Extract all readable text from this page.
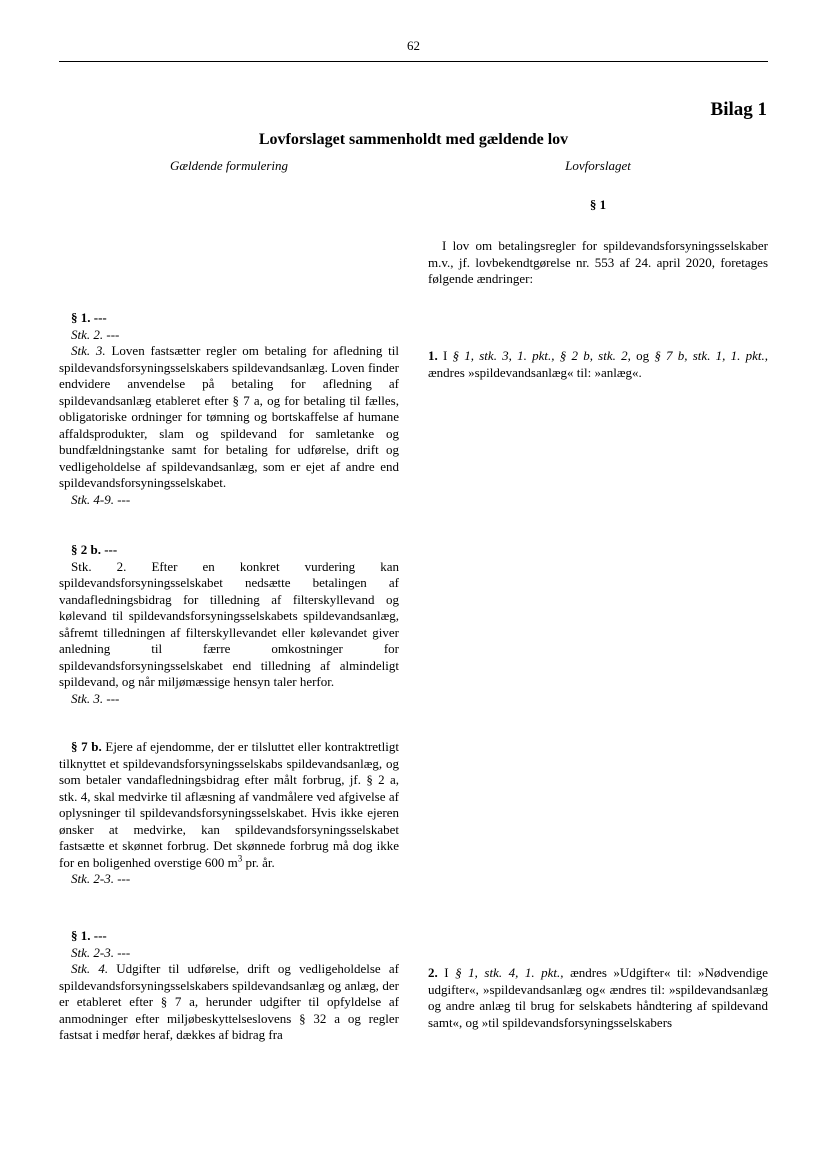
62
Bilag 1
Lovforslaget sammenholdt med gældende lov
Gældende formulering	Lovforslaget
§ 1
I lov om betalingsregler for spildevandsforsyningsselskaber m.v., jf. lovbekendtgørelse nr. 553 af 24. april 2020, foretages følgende ændringer:

§ 1. ---

Stk. 2. ---

Stk. 3. Loven fastsætter regler om betaling for afledning til spildevandsforsyningsselskabers spildevandsanlæg. Loven finder endvidere anvendelse på betaling for afledning af spildevandsanlæg etableret efter § 7 a, og for betaling til fælles, obligatoriske ordninger for tømning og bortskaffelse af humane affaldsprodukter, slam og spildevand for samletanke og bundfældningstanke samt for betaling for udførelse, drift og vedligeholdelse af spildevandsanlæg, som er ejet af andre end spildevandsforsyningsselskabet.

Stk. 4-9. ---

§ 2 b. ---

Stk. 2. Efter en konkret vurdering kan spildevandsforsyningsselskabet nedsætte betalingen af vandafledningsbidrag for tilledning af filterskyllevand og kølevand til spildevandsforsyningsselskabets spildevandsanlæg, såfremt tilledningen af filterskyllevandet eller kølevandet giver anledning til færre omkostninger for spildevandsforsyningsselskabet end tilledning af almindeligt spildevand, og når miljømæssige hensyn taler herfor.

Stk. 3. ---

§ 7 b. Ejere af ejendomme, der er tilsluttet eller kontraktretligt tilknyttet et spildevandsforsyningsselskabs spildevandsanlæg, og som betaler vandafledningsbidrag efter målt forbrug, jf. § 2 a, stk. 4, skal medvirke til aflæsning af vandmålere ved afgivelse af oplysninger til spildevandsforsyningsselskabet. Hvis ikke ejeren ønsker at medvirke, kan spildevandsforsyningsselskabet fastsætte et skønnet forbrug. Det skønnede forbrug må dog ikke for en boligenhed overstige 600 $m^3$ pr. år.

Stk. 2-3. ---

§ 1. ---

Stk. 2-3. ---

Stk. 4. Udgifter til udførelse, drift og vedligeholdelse af spildevandsforsyningsselskabers spildevandsanlæg og anlæg, der er etableret efter § 7 a, herunder udgifter til opfyldelse af anmodninger efter miljøbeskyttelseslovens § 32 a og regler fastsat i medfør heraf, dækkes af bidrag fra

1. I § 1, stk. 3, 1. pkt., § 2 b, stk. 2, og § 7 b, stk. 1, 1. pkt., ændres »spildevandsanlæg« til: »anlæg«.

2. I § 1, stk. 4, 1. pkt., ændres »Udgifter« til: »Nødvendige udgifter«, »spildevandsanlæg og« ændres til: »spildevandsanlæg og andre anlæg til brug for selskabets håndtering af spildevand samt«, og »til spildevandsforsyningsselskabers
